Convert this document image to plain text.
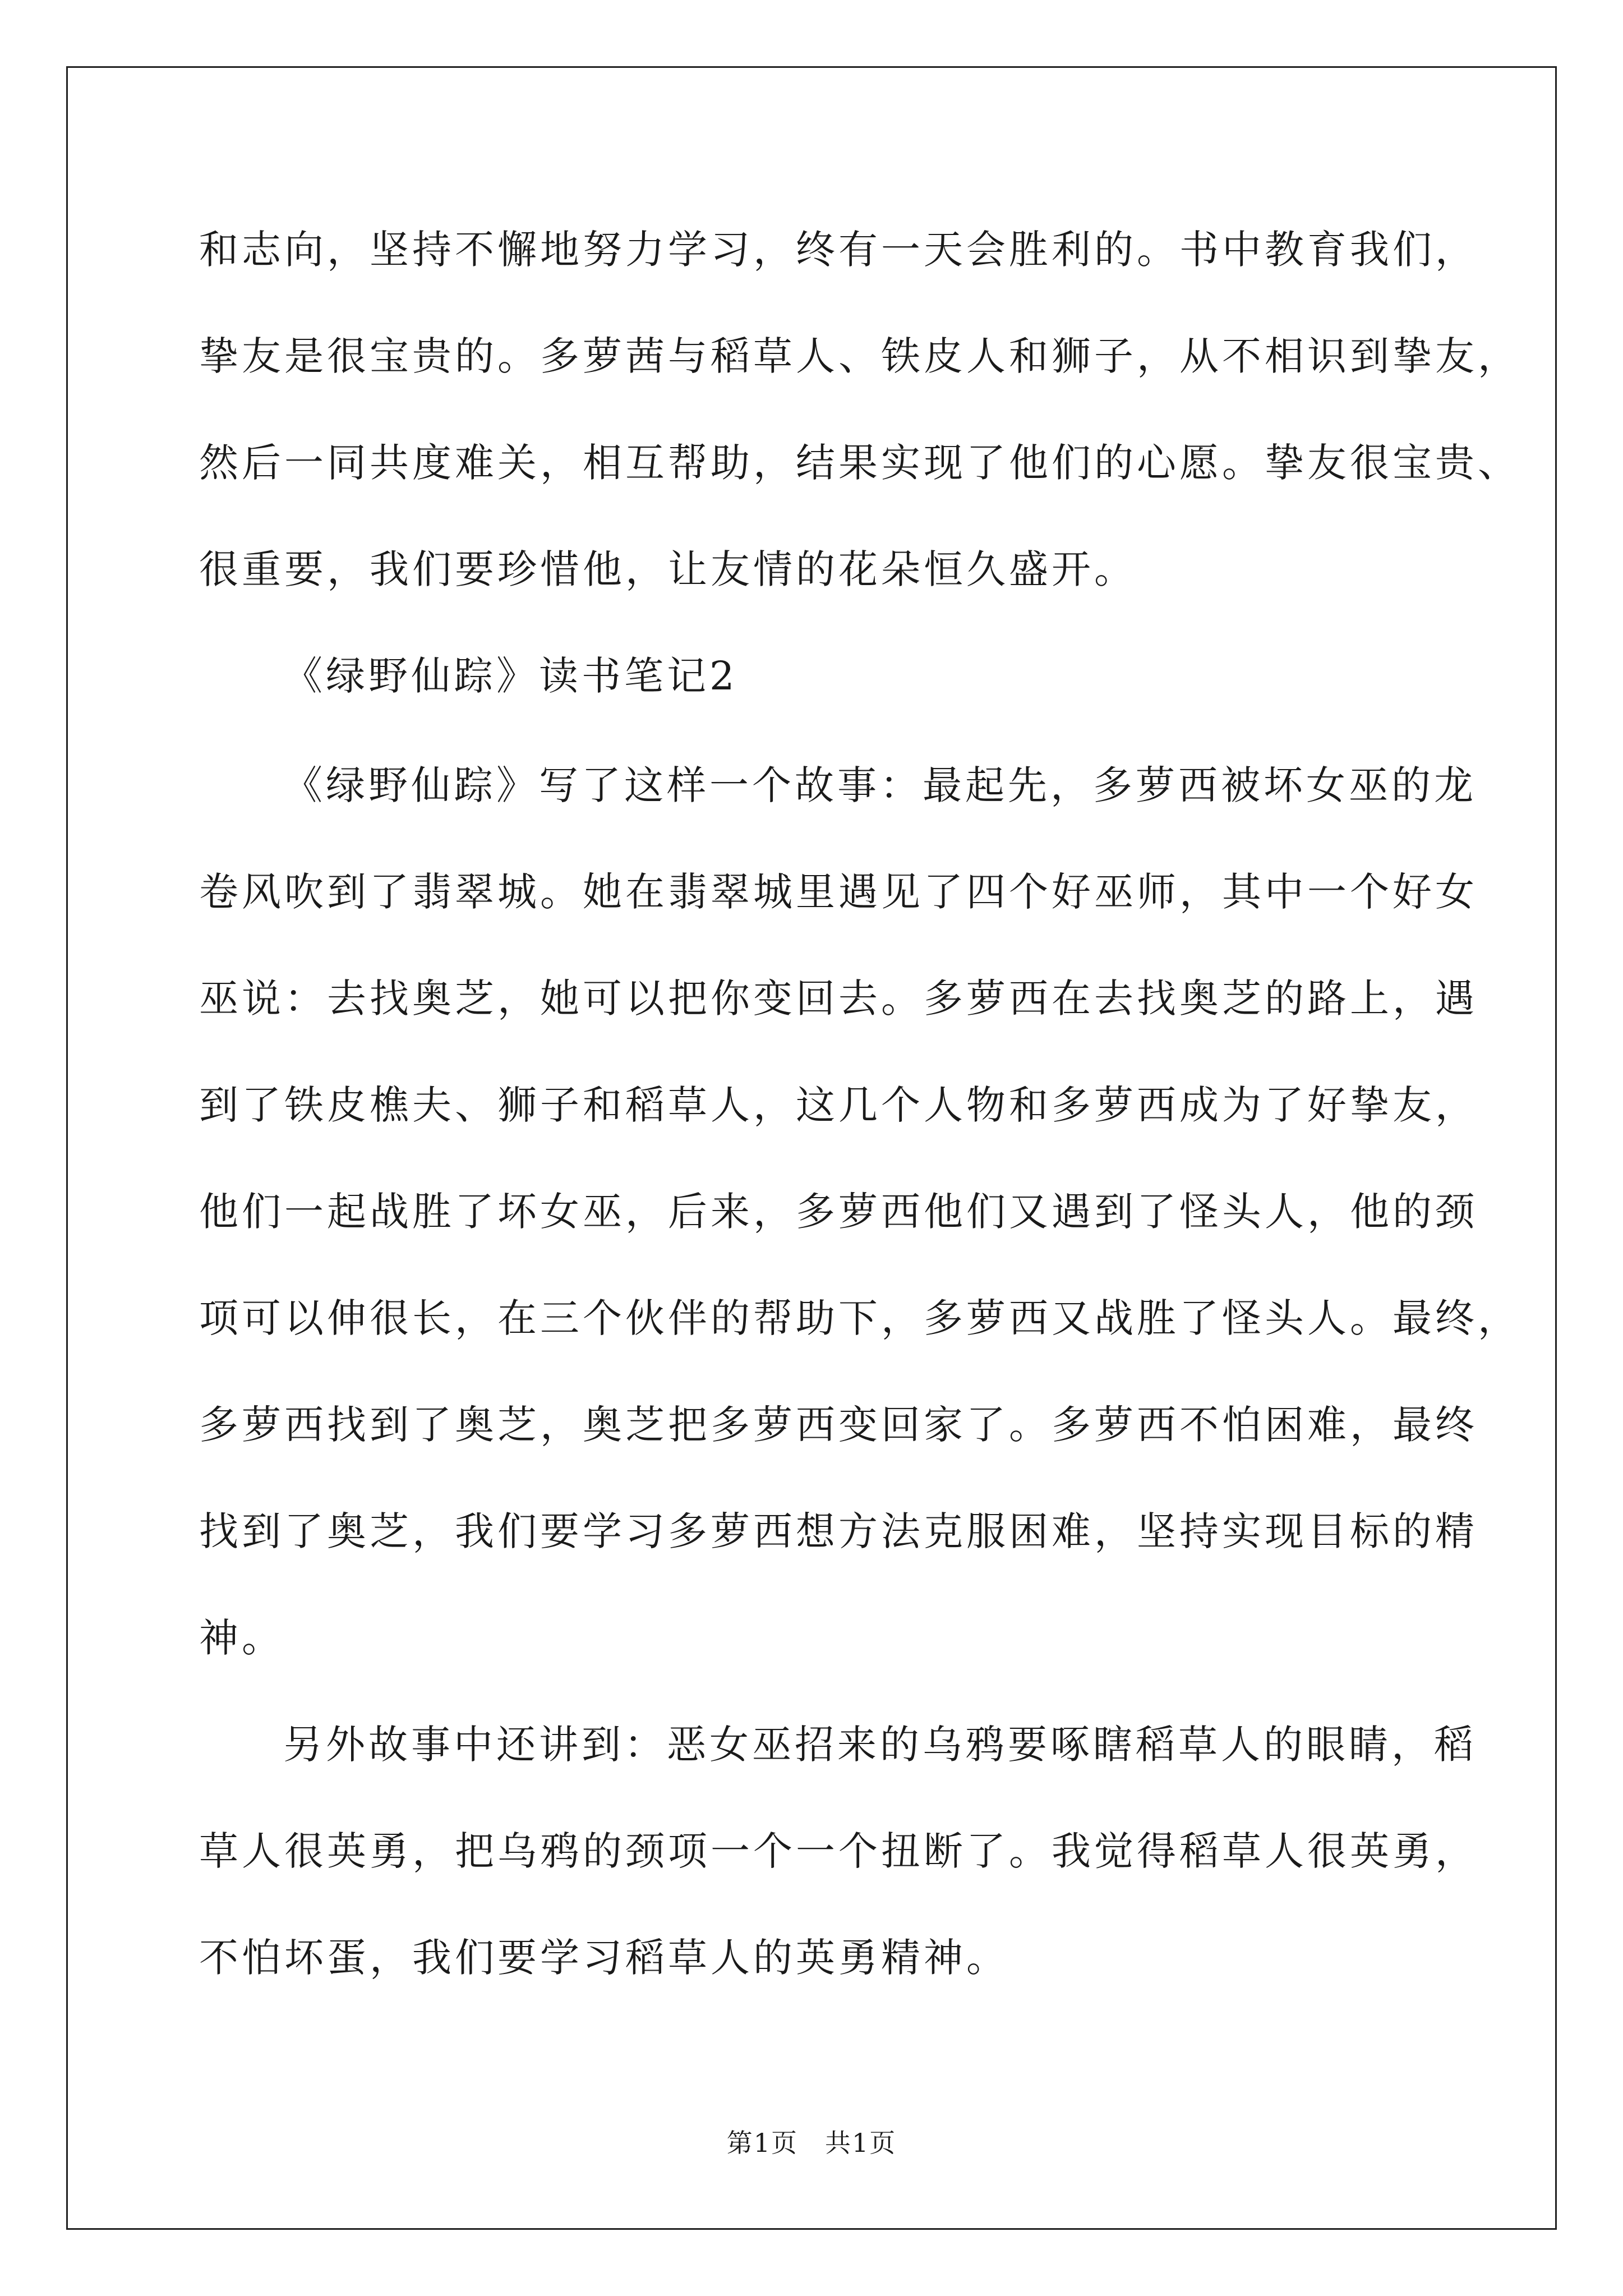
和志向，坚持不懈地努力学习，终有一天会胜利的。书中教育我们，

挚友是很宝贵的。多萝茜与稻草人、铁皮人和狮子，从不相识到挚友，

然后一同共度难关，相互帮助，结果实现了他们的心愿。挚友很宝贵、

很重要，我们要珍惜他，让友情的花朵恒久盛开。

《绿野仙踪》读书笔记2

《绿野仙踪》写了这样一个故事：最起先，多萝西被坏女巫的龙

卷风吹到了翡翠城。她在翡翠城里遇见了四个好巫师，其中一个好女

巫说：去找奥芝，她可以把你变回去。多萝西在去找奥芝的路上，遇

到了铁皮樵夫、狮子和稻草人，这几个人物和多萝西成为了好挚友，

他们一起战胜了坏女巫，后来，多萝西他们又遇到了怪头人，他的颈

项可以伸很长，在三个伙伴的帮助下，多萝西又战胜了怪头人。最终，

多萝西找到了奥芝，奥芝把多萝西变回家了。多萝西不怕困难，最终

找到了奥芝，我们要学习多萝西想方法克服困难，坚持实现目标的精

神。

另外故事中还讲到：恶女巫招来的乌鸦要啄瞎稻草人的眼睛，稻

草人很英勇，把乌鸦的颈项一个一个扭断了。我觉得稻草人很英勇，

不怕坏蛋，我们要学习稻草人的英勇精神。

第1页　共1页
